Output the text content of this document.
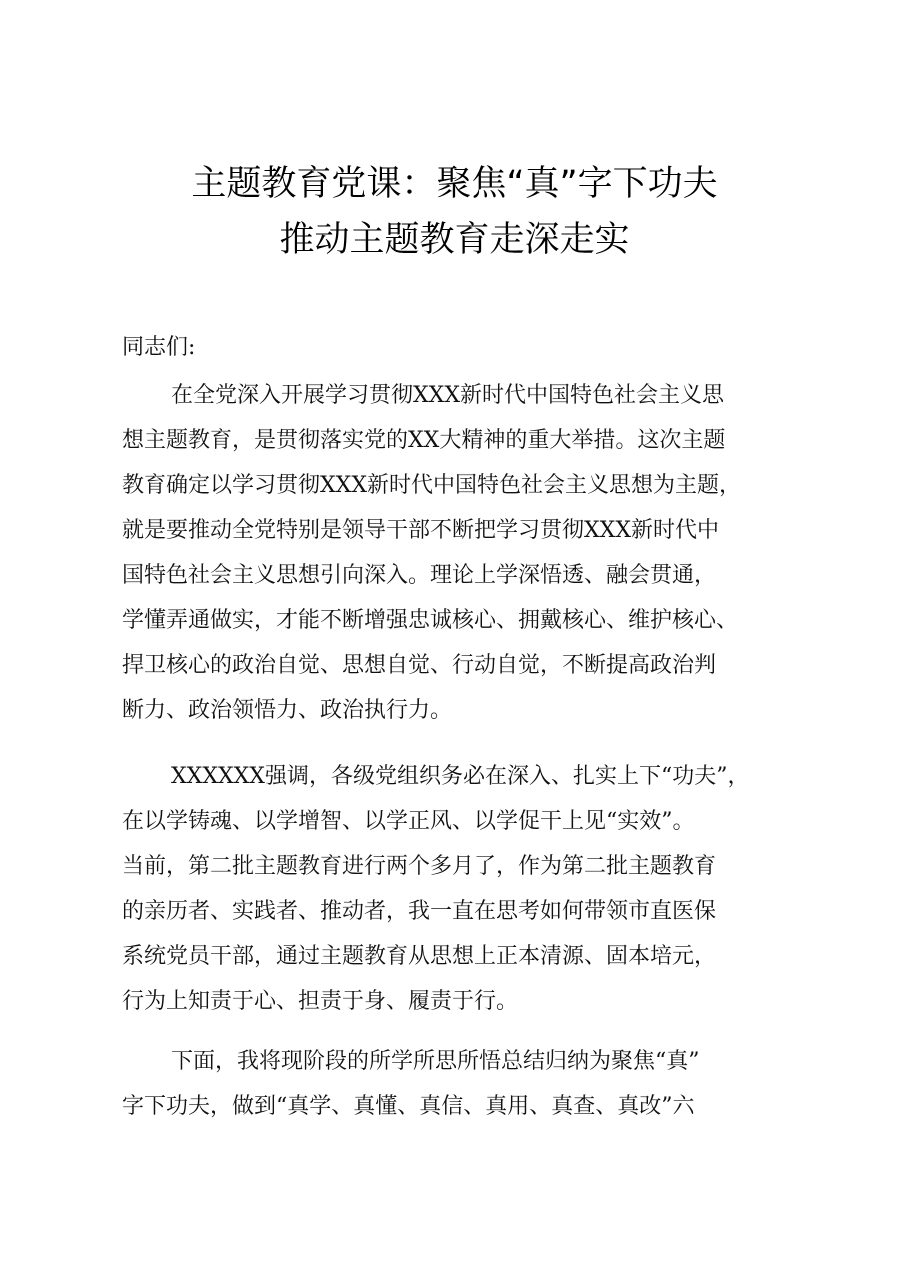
主题教育党课：聚焦“真”字下功夫
推动主题教育走深走实
同志们:
在全党深入开展学习贯彻XXX新时代中国特色社会主义思
想主题教育，是贯彻落实党的XX大精神的重大举措。这次主题
教育确定以学习贯彻XXX新时代中国特色社会主义思想为主题，
就是要推动全党特别是领导干部不断把学习贯彻XXX新时代中
国特色社会主义思想引向深入。理论上学深悟透、融会贯通，
学懂弄通做实，才能不断增强忠诚核心、拥戴核心、维护核心、
捍卫核心的政治自觉、思想自觉、行动自觉，不断提高政治判
断力、政治领悟力、政治执行力。
XXXXXX强调，各级党组织务必在深入、扎实上下“功夫”，
在以学铸魂、以学增智、以学正风、以学促干上见“实效”。
当前，第二批主题教育进行两个多月了，作为第二批主题教育
的亲历者、实践者、推动者，我一直在思考如何带领市直医保
系统党员干部，通过主题教育从思想上正本清源、固本培元，
行为上知责于心、担责于身、履责于行。
下面，我将现阶段的所学所思所悟总结归纳为聚焦“真”
字下功夫，做到“真学、真懂、真信、真用、真查、真改”六
